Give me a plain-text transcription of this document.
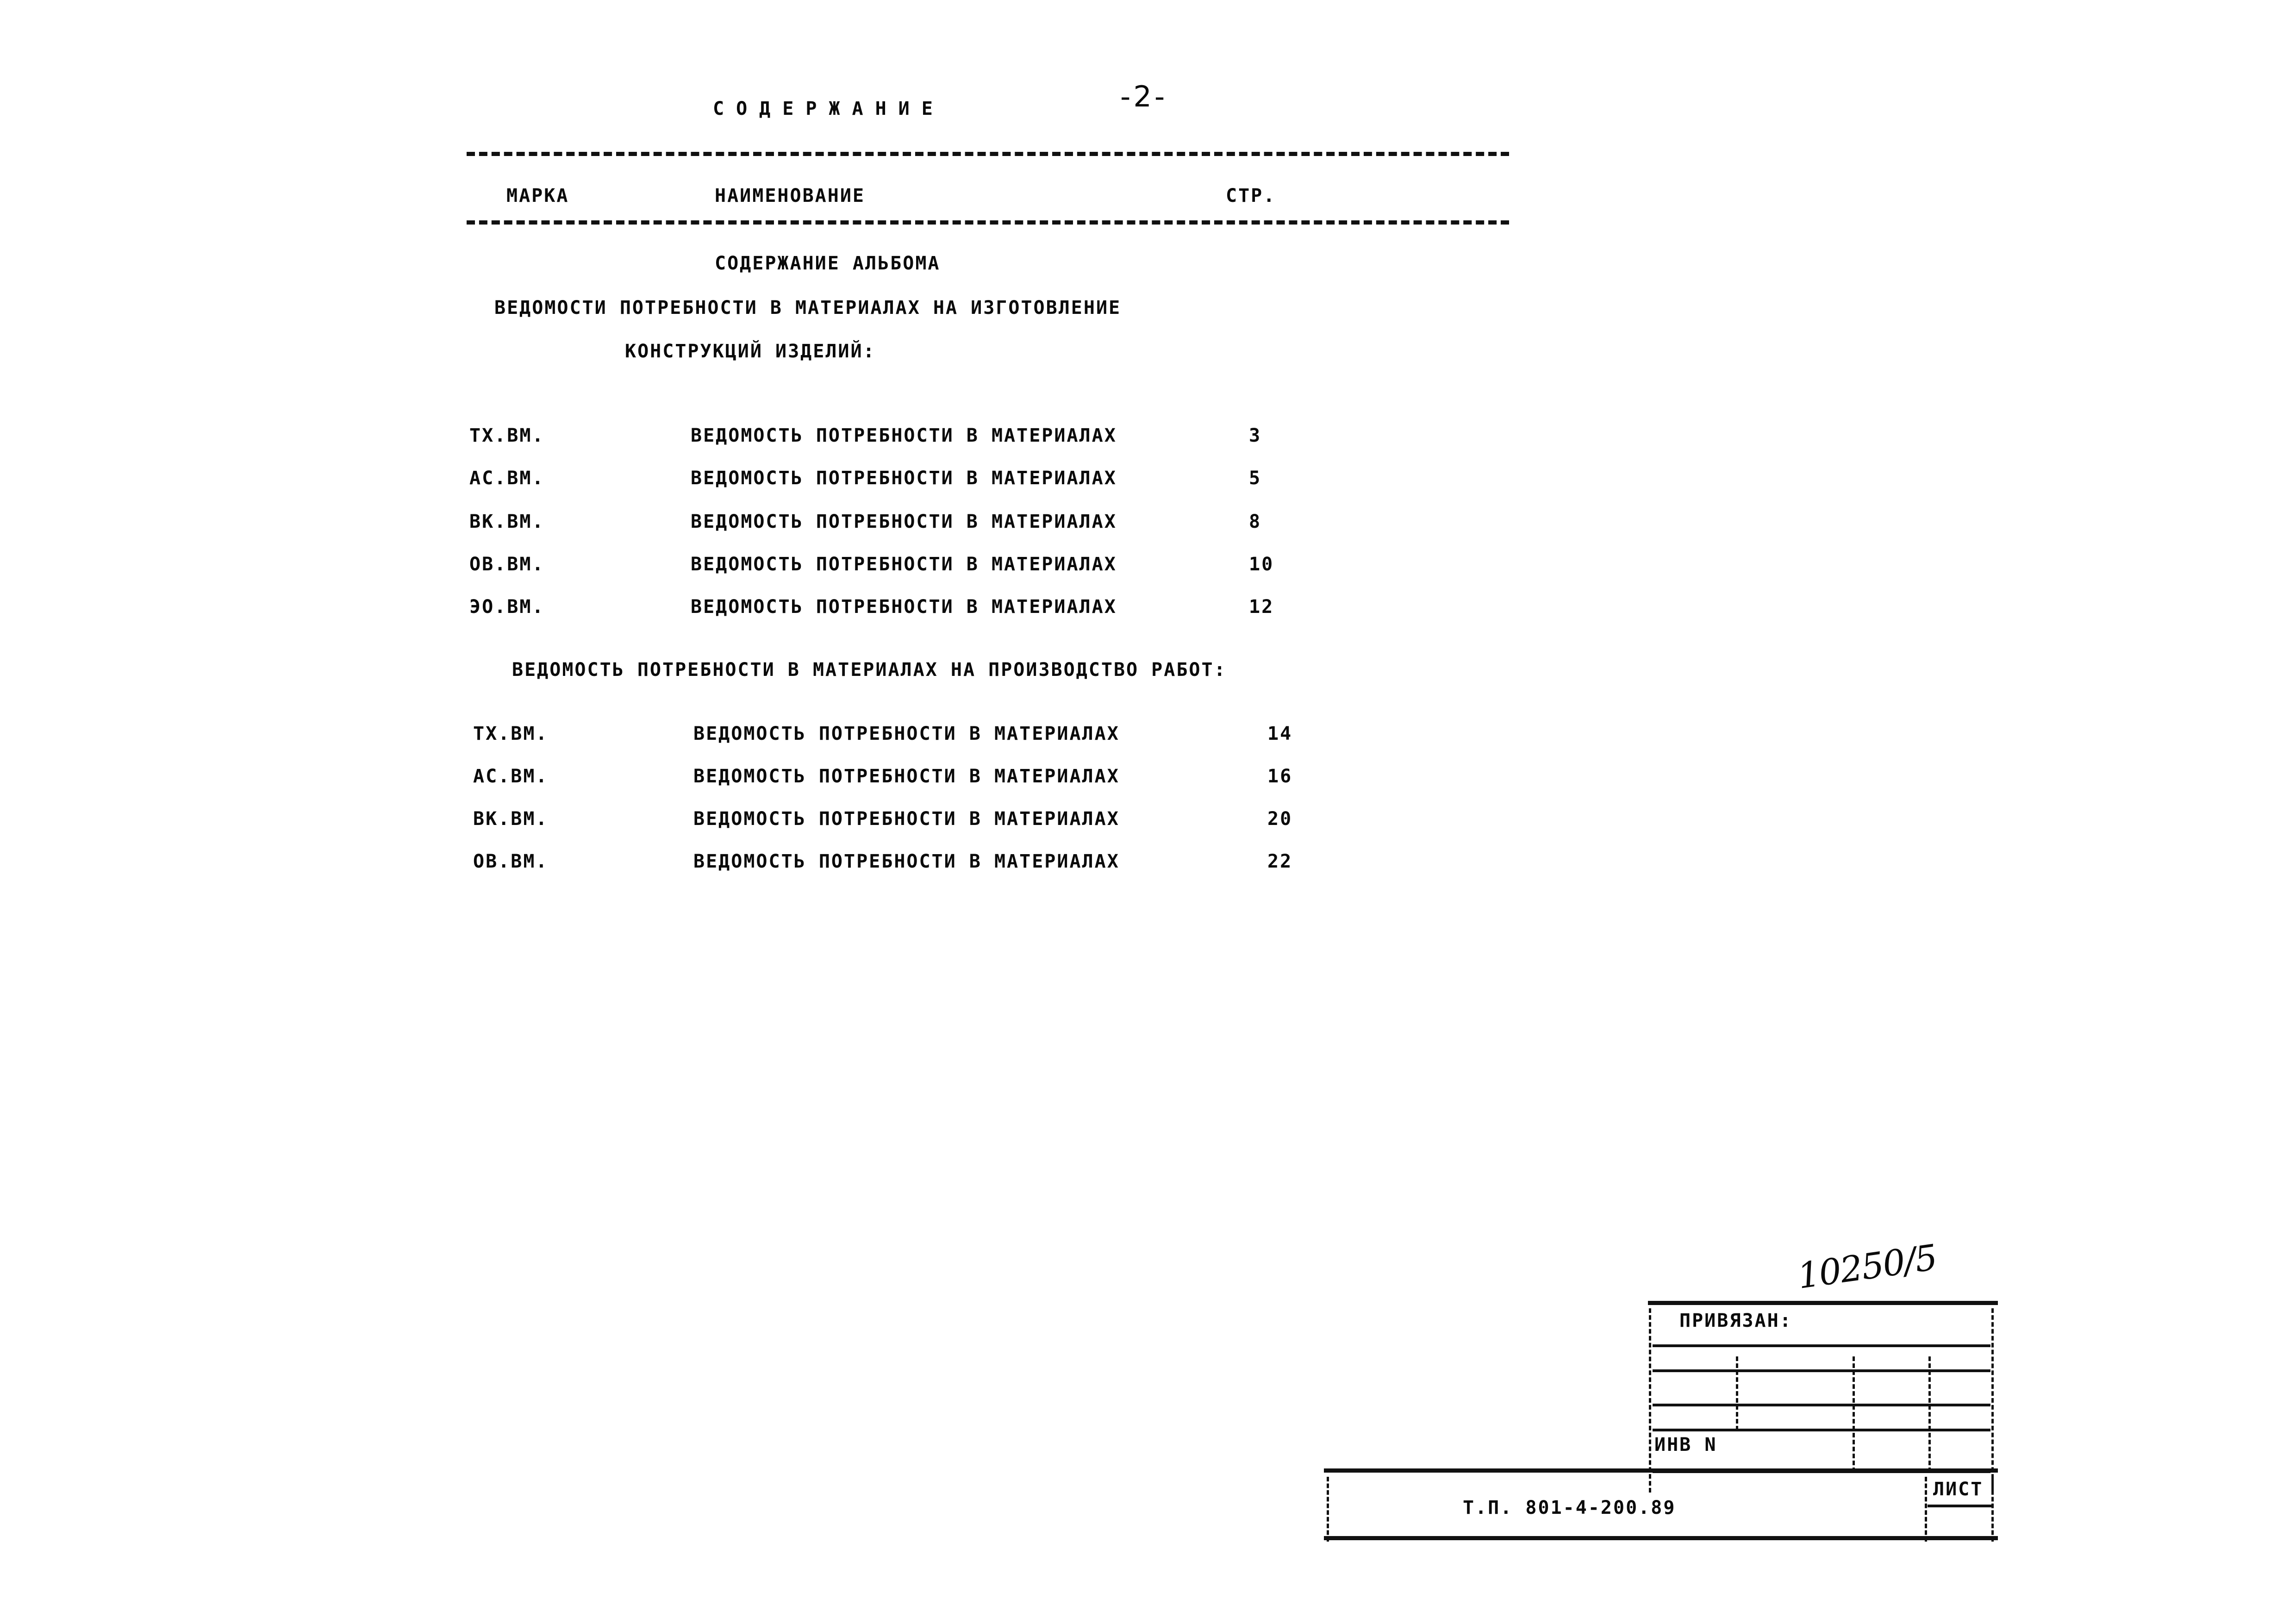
СОДЕРЖАНИЕ	-2-
МАРКА	НАИМЕНОВАНИЕ	СТР.
СОДЕРЖАНИЕ АЛЬБОМА
ВЕДОМОСТИ ПОТРЕБНОСТИ В МАТЕРИАЛАХ НА ИЗГОТОВЛЕНИЕ
КОНСТРУКЦИЙ ИЗДЕЛИЙ:
ТХ.ВМ.	ВЕДОМОСТЬ ПОТРЕБНОСТИ В МАТЕРИАЛАХ	3
АС.ВМ.	ВЕДОМОСТЬ ПОТРЕБНОСТИ В МАТЕРИАЛАХ	5
ВК.ВМ.	ВЕДОМОСТЬ ПОТРЕБНОСТИ В МАТЕРИАЛАХ	8
ОВ.ВМ.	ВЕДОМОСТЬ ПОТРЕБНОСТИ В МАТЕРИАЛАХ	10
ЭО.ВМ.	ВЕДОМОСТЬ ПОТРЕБНОСТИ В МАТЕРИАЛАХ	12
ВЕДОМОСТЬ ПОТРЕБНОСТИ В МАТЕРИАЛАХ НА ПРОИЗВОДСТВО РАБОТ:
ТХ.ВМ.	ВЕДОМОСТЬ ПОТРЕБНОСТИ В МАТЕРИАЛАХ	14
АС.ВМ.	ВЕДОМОСТЬ ПОТРЕБНОСТИ В МАТЕРИАЛАХ	16
ВК.ВМ.	ВЕДОМОСТЬ ПОТРЕБНОСТИ В МАТЕРИАЛАХ	20
ОВ.ВМ.	ВЕДОМОСТЬ ПОТРЕБНОСТИ В МАТЕРИАЛАХ	22
10250/5
ПРИВЯЗАН:
ИНВ N
Т.П. 801-4-200.89
ЛИСТ
